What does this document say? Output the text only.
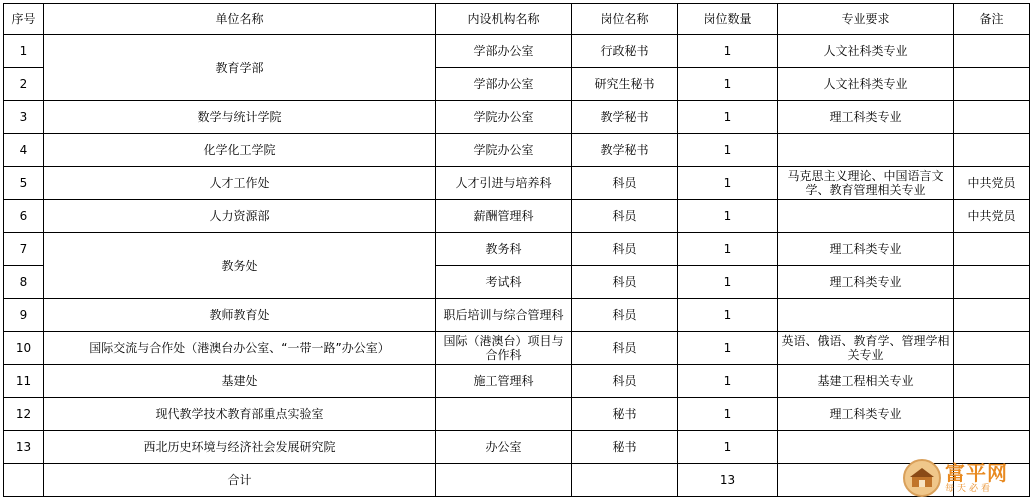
序号	单位名称	内设机构名称	岗位名称	岗位数量	专业要求	备注
1	教育学部	学部办公室	行政秘书	1	人文社科类专业	
2		学部办公室	研究生秘书	1	人文社科类专业	
3	数学与统计学院	学院办公室	教学秘书	1	理工科类专业	
4	化学化工学院	学院办公室	教学秘书	1		
5	人才工作处	人才引进与培养科	科员	1	马克思主义理论、中国语言文学、教育管理相关专业	中共党员
6	人力资源部	薪酬管理科	科员	1		中共党员
7	教务处	教务科	科员	1	理工科类专业	
8		考试科	科员	1	理工科类专业	
9	教师教育处	职后培训与综合管理科	科员	1		
10	国际交流与合作处（港澳台办公室、“一带一路”办公室）	国际（港澳台）项目与合作科	科员	1	英语、俄语、教育学、管理学相关专业	
11	基建处	施工管理科	科员	1	基建工程相关专业	
12	现代教学技术教育部重点实验室		秘书	1	理工科类专业	
13	西北历史环境与经济社会发展研究院	办公室	秘书	1		
	合计			13			富平网
每天必看
